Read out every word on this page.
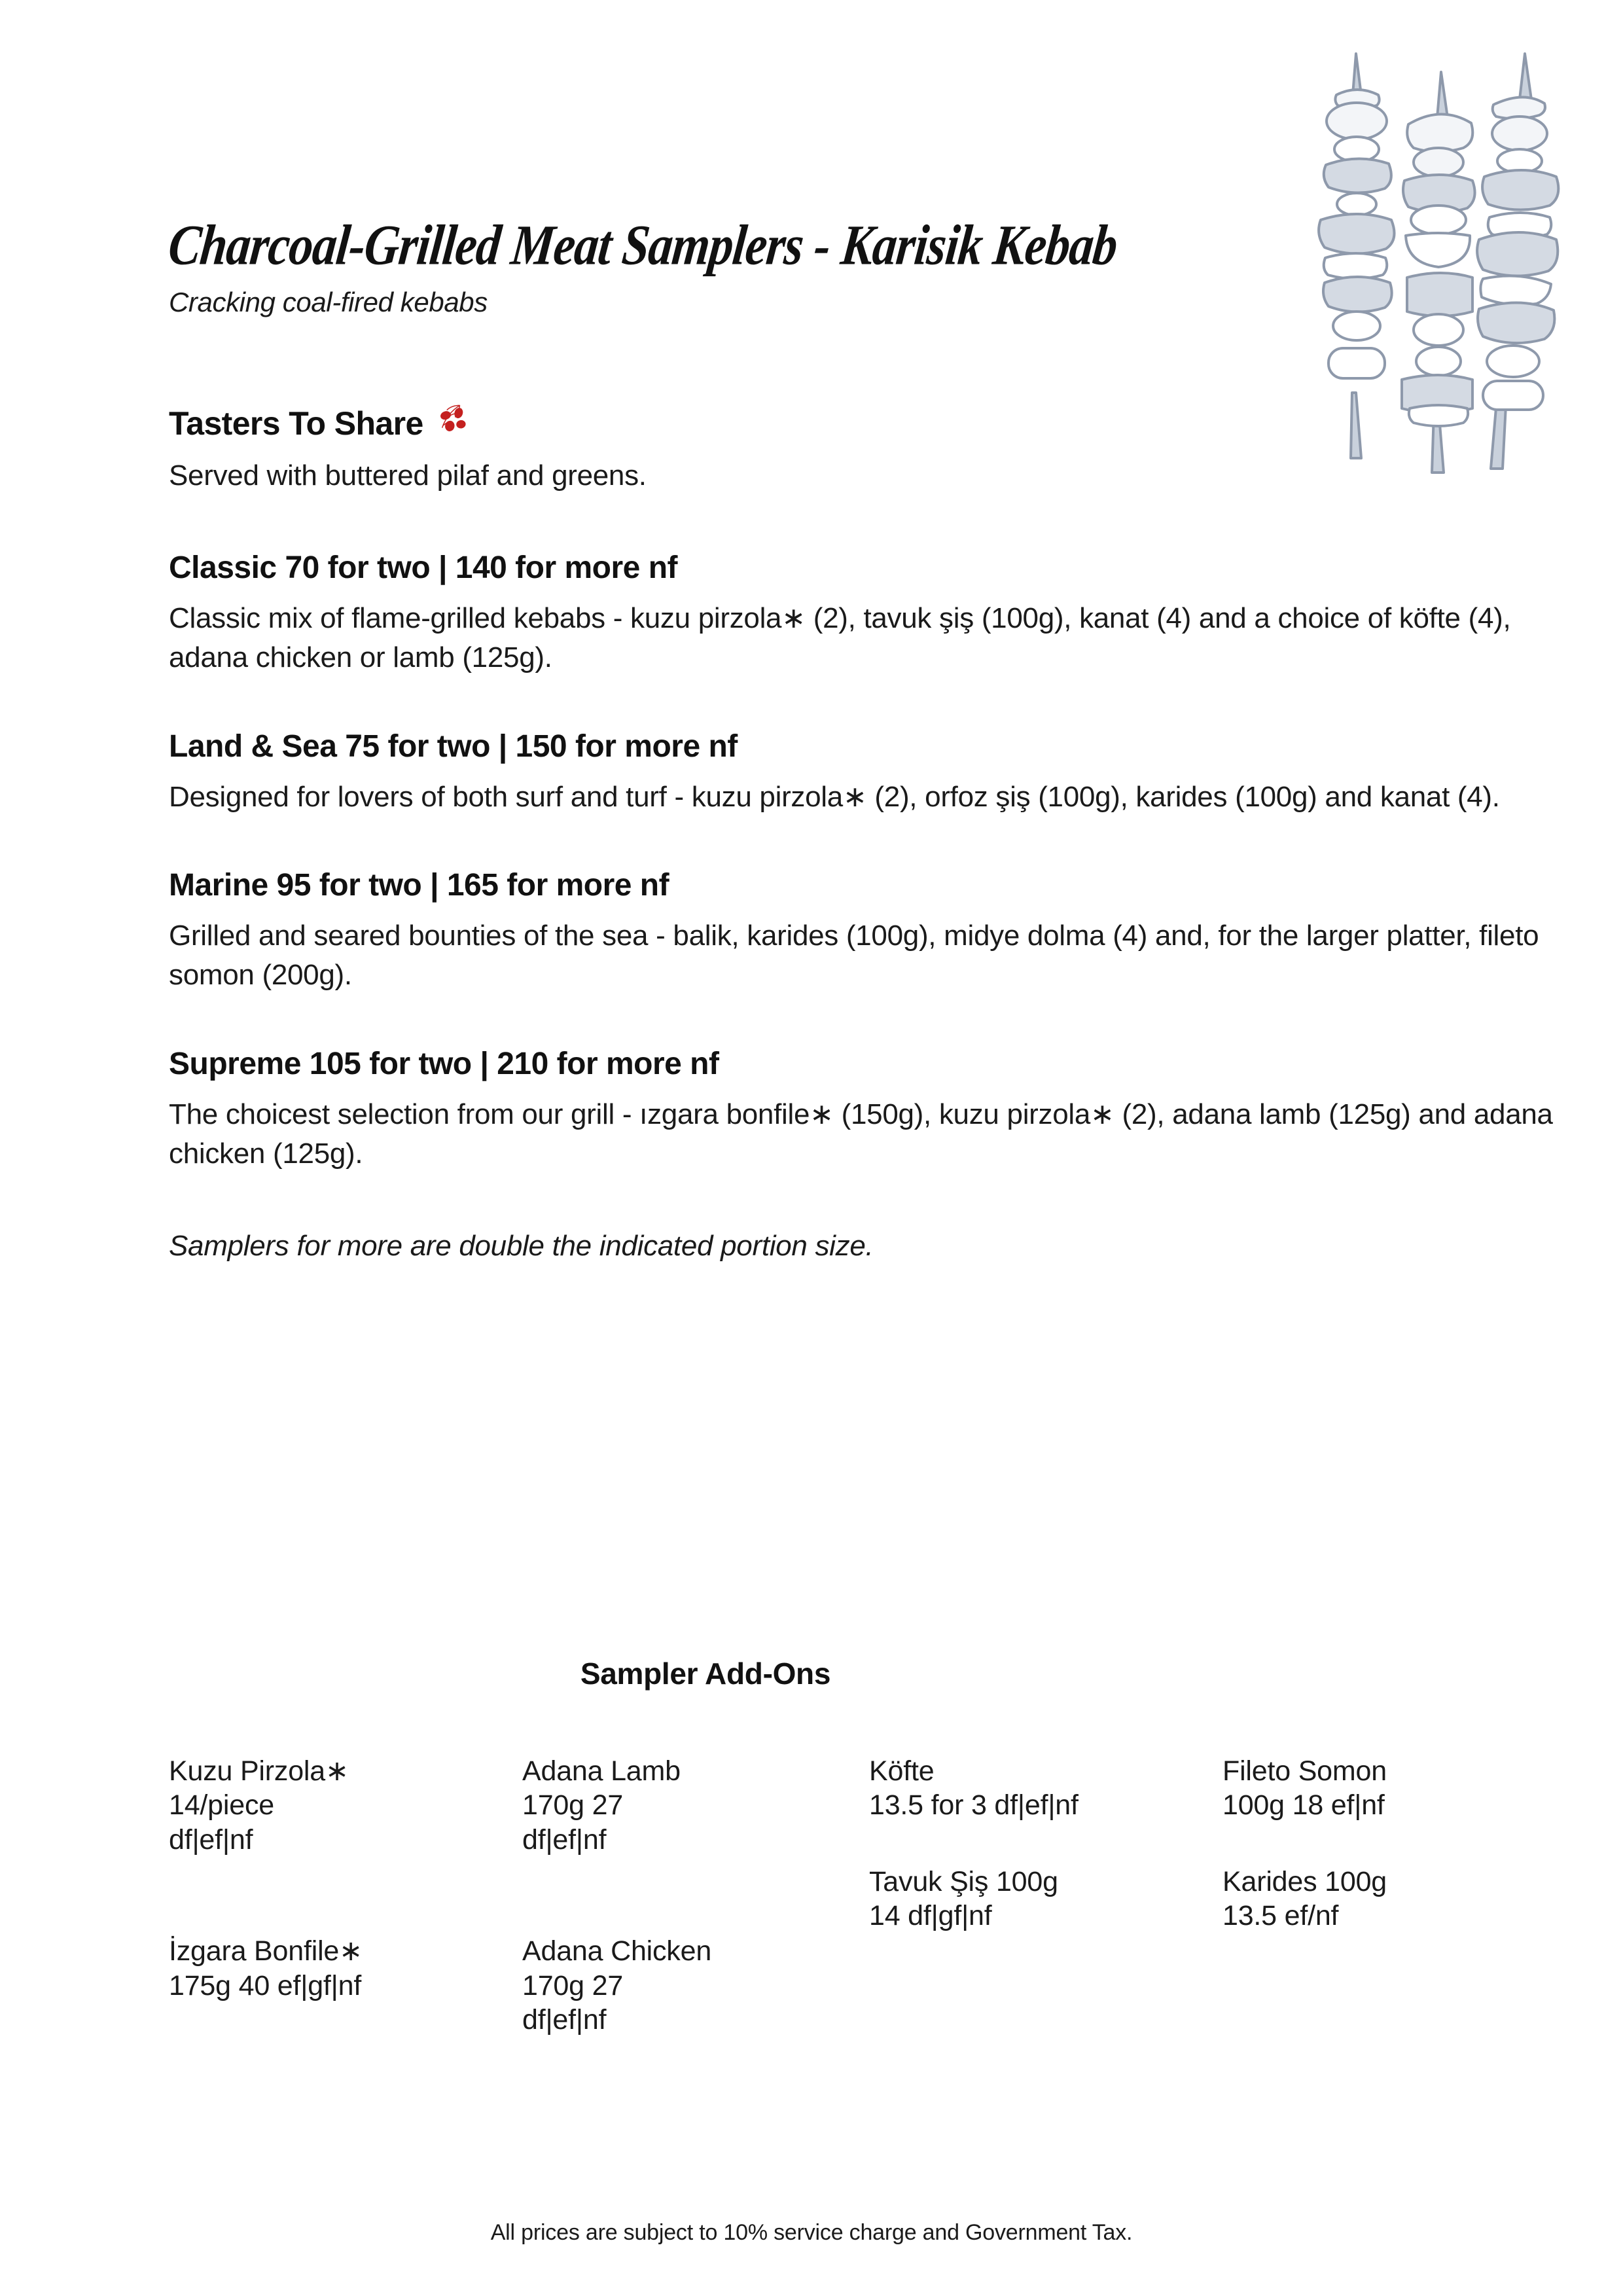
Charcoal-Grilled Meat Samplers - Karisik Kebab
Cracking coal-fired kebabs
Tasters To Share
Served with buttered pilaf and greens.
Classic 70 for two | 140 for more nf
Classic mix of flame-grilled kebabs - kuzu pirzola∗ (2), tavuk şiş (100g), kanat (4) and a choice of köfte (4), adana chicken or lamb (125g).
Land & Sea 75 for two | 150 for more nf
Designed for lovers of both surf and turf - kuzu pirzola∗ (2), orfoz şiş (100g), karides (100g) and kanat (4).
Marine 95 for two | 165 for more nf
Grilled and seared bounties of the sea - balik, karides (100g), midye dolma (4) and, for the larger platter, fileto somon (200g).
Supreme 105 for two | 210 for more nf
The choicest selection from our grill - ızgara bonfile∗ (150g), kuzu pirzola∗ (2), adana lamb (125g) and adana chicken (125g).
Samplers for more are double the indicated portion size.
Sampler Add-Ons
Kuzu Pirzola∗
14/piece
df|ef|nf
İzgara Bonfile∗
175g 40 ef|gf|nf
Adana Lamb
170g 27
df|ef|nf
Adana Chicken
170g 27
df|ef|nf
Köfte
13.5 for 3 df|ef|nf
Tavuk Şiş 100g
14 df|gf|nf
Fileto Somon
100g 18 ef|nf
Karides 100g
13.5 ef/nf
All prices are subject to 10% service charge and Government Tax.
